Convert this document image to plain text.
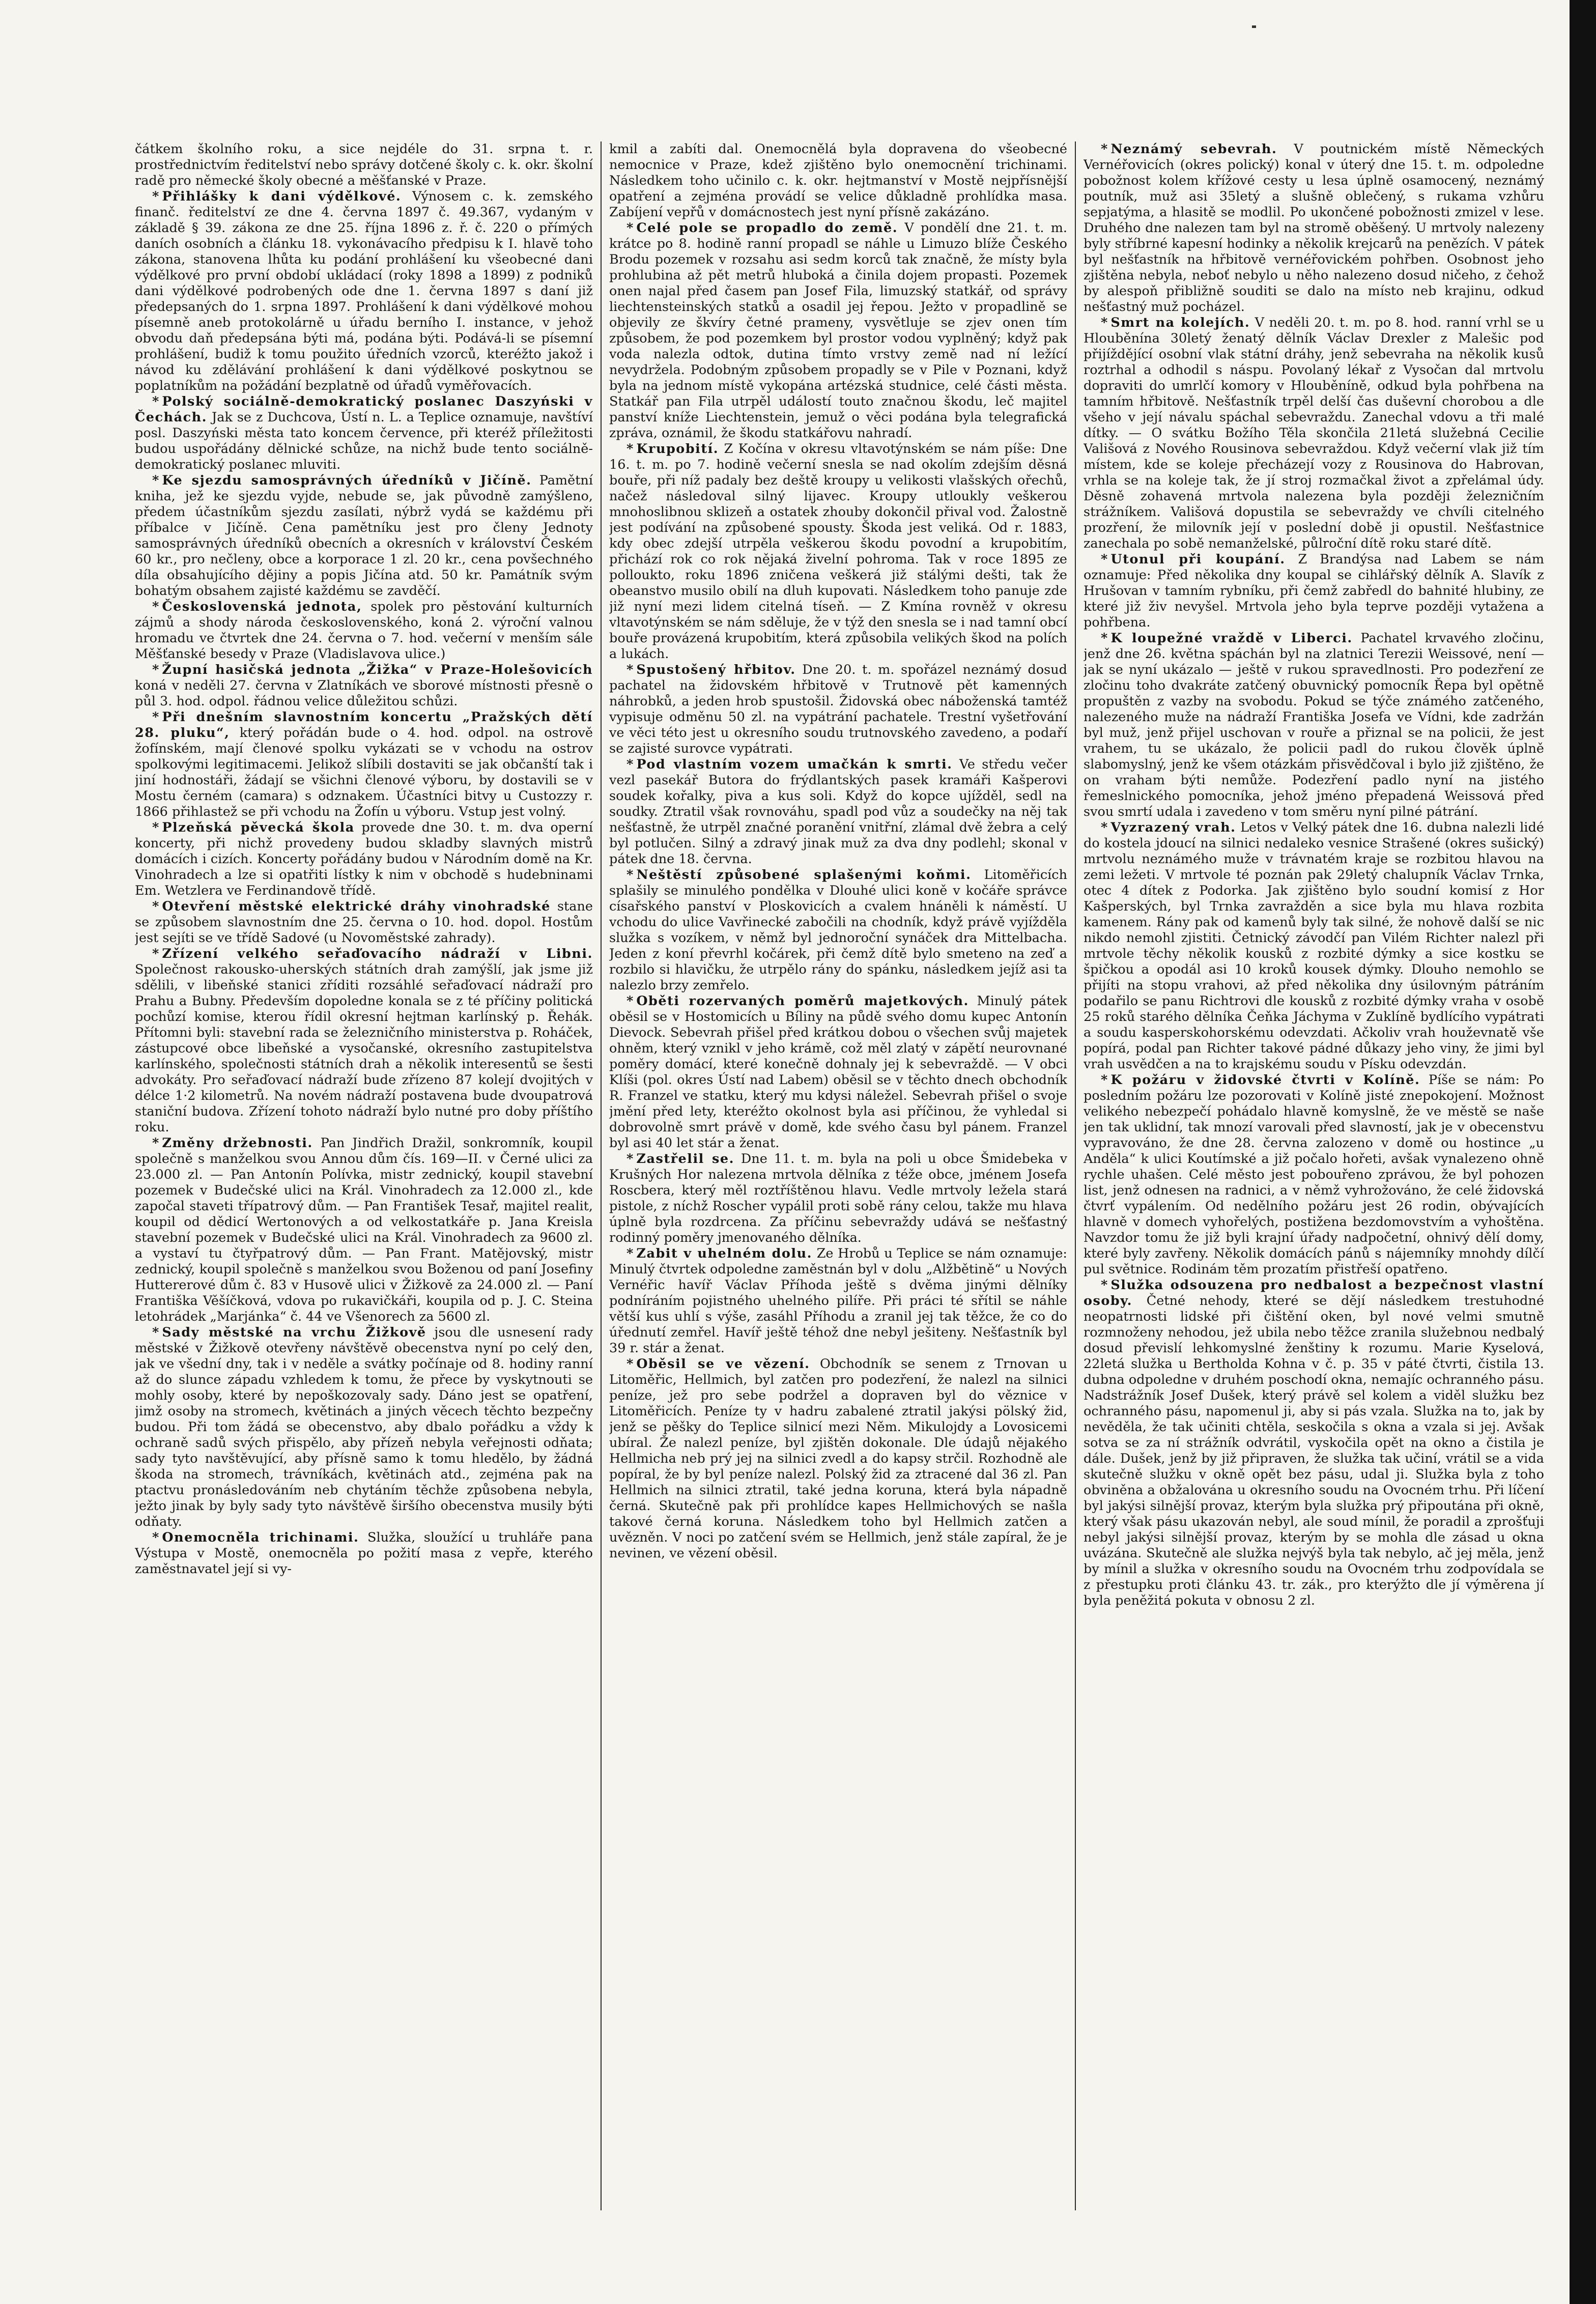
čátkem školního roku, a sice nejdéle do 31. srpna t. r. prostřednictvím ředitelství nebo správy dotčené školy c. k. okr. školní radě pro německé školy obecné a měšťanské v Praze.

* Přihlášky k dani výdělkové. Výnosem c. k. zemského finanč. ředitelství ze dne 4. června 1897 č. 49.367, vydaným v základě § 39. zákona ze dne 25. října 1896 z. ř. č. 220 o přímých daních osobních a článku 18. vykonávacího předpisu k I. hlavě toho zákona, stanovena lhůta ku podání prohlášení ku všeobecné dani výdělkové pro první období ukládací (roky 1898 a 1899) z podniků dani výdělkové podrobených ode dne 1. června 1897 s daní již předepsaných do 1. srpna 1897. Prohlášení k dani výdělkové mohou písemně aneb protokolárně u úřadu berního I. instance, v jehož obvodu daň předepsána býti má, podána býti. Podává-li se písemní prohlášení, budiž k tomu použito úředních vzorců, kteréžto jakož i návod ku zdělávání prohlášení k dani výdělkové poskytnou se poplatníkům na požádání bezplatně od úřadů vyměřovacích.

* Polský sociálně-demokratický poslanec Daszyński v Čechách. Jak se z Duchcova, Ústí n. L. a Teplice oznamuje, navštíví posl. Daszyński města tato koncem července, při kteréž příležitosti budou uspořádány dělnické schůze, na nichž bude tento sociálně-demokratický poslanec mluviti.

* Ke sjezdu samosprávných úředníků v Jičíně. Pamětní kniha, jež ke sjezdu vyjde, nebude se, jak původně zamýšleno, předem účastníkům sjezdu zasílati, nýbrž vydá se každému při příbalce v Jičíně. Cena pamětníku jest pro členy Jednoty samosprávných úředníků obecních a okresních v království Českém 60 kr., pro nečleny, obce a korporace 1 zl. 20 kr., cena povšechného díla obsahujícího dějiny a popis Jičína atd. 50 kr. Památník svým bohatým obsahem zajisté každému se zavděčí.

* Československá jednota, spolek pro pěstování kulturních zájmů a shody národa československého, koná 2. výroční valnou hromadu ve čtvrtek dne 24. června o 7. hod. večerní v menším sále Měšťanské besedy v Praze (Vladislavova ulice.)

* Župní hasičská jednota „Žižka“ v Praze-Holešovicích koná v neděli 27. června v Zlatníkách ve sborové místnosti přesně o půl 3. hod. odpol. řádnou velice důležitou schůzi.

* Při dnešním slavnostním koncertu „Pražských dětí 28. pluku“, který pořádán bude o 4. hod. odpol. na ostrově žofínském, mají členové spolku vykázati se v vchodu na ostrov spolkovými legitimacemi. Jelikož slíbili dostaviti se jak občanští tak i jiní hodnostáři, žádají se všichni členové výboru, by dostavili se v Mostu černém (camara) s odznakem. Účastníci bitvy u Custozzy r. 1866 přihlastež se při vchodu na Žofín u výboru. Vstup jest volný.

* Plzeňská pěvecká škola provede dne 30. t. m. dva operní koncerty, při nichž provedeny budou skladby slavných mistrů domácích i cizích. Koncerty pořádány budou v Národním domě na Kr. Vinohradech a lze si opatřiti lístky k nim v obchodě s hudebninami Em. Wetzlera ve Ferdinandově třídě.

* Otevření městské elektrické dráhy vinohradské stane se způsobem slavnostním dne 25. června o 10. hod. dopol. Hostům jest sejíti se ve třídě Sadové (u Novoměstské zahrady).

* Zřízení velkého seřaďovacího nádraží v Libni. Společnost rakousko-uherských státních drah zamýšlí, jak jsme již sdělili, v libeňské stanici zříditi rozsáhlé seřaďovací nádraží pro Prahu a Bubny. Především dopoledne konala se z té příčiny politická pochůzí komise, kterou řídil okresní hejtman karlínský p. Řehák. Přítomni byli: stavební rada se železničního ministerstva p. Roháček, zástupcové obce libeňské a vysočanské, okresního zastupitelstva karlínského, společnosti státních drah a několik interesentů se šesti advokáty. Pro seřaďovací nádraží bude zřízeno 87 kolejí dvojitých v délce 1·2 kilometrů. Na novém nádraží postavena bude dvoupatrová staniční budova. Zřízení tohoto nádraží bylo nutné pro doby příštího roku.

* Změny držebnosti. Pan Jindřich Dražil, sonkromník, koupil společně s manželkou svou Annou dům čís. 169—II. v Černé ulici za 23.000 zl. — Pan Antonín Polívka, mistr zednický, koupil stavební pozemek v Budečské ulici na Král. Vinohradech za 12.000 zl., kde započal staveti třípatrový dům. — Pan František Tesař, majitel realit, koupil od dědicí Wertonových a od velkostatkáře p. Jana Kreisla stavební pozemek v Budečské ulici na Král. Vinohradech za 9600 zl. a vystaví tu čtyřpatrový dům. — Pan Frant. Matějovský, mistr zednický, koupil společně s manželkou svou Boženou od paní Josefiny Huttererové dům č. 83 v Husově ulici v Žižkově za 24.000 zl. — Paní Františka Věšíčková, vdova po rukavičkáři, koupila od p. J. C. Steina letohrádek „Marjánka“ č. 44 ve Všenorech za 5600 zl.

* Sady městské na vrchu Žižkově jsou dle usnesení rady městské v Žižkově otevřeny návštěvě obecenstva nyní po celý den, jak ve všední dny, tak i v neděle a svátky počínaje od 8. hodiny ranní až do slunce západu vzhledem k tomu, že přece by vyskytnouti se mohly osoby, které by nepoškozovaly sady. Dáno jest se opatření, jimž osoby na stromech, květinách a jiných věcech těchto bezpečny budou. Při tom žádá se obecenstvo, aby dbalo pořádku a vždy k ochraně sadů svých přispělo, aby přízeň nebyla veřejnosti odňata; sady tyto navštěvující, aby přísně samo k tomu hledělo, by žádná škoda na stromech, trávníkách, květinách atd., zejména pak na ptactvu pronásledováním neb chytáním těchže způsobena nebyla, ježto jinak by byly sady tyto návštěvě širšího obecenstva musily býti odňaty.

* Onemocněla trichinami. Služka, sloužící u truhláře pana Výstupa v Mostě, onemocněla po požití masa z vepře, kterého zaměstnavatel její si vy-

kmil a zabíti dal. Onemocnělá byla dopravena do všeobecné nemocnice v Praze, kdež zjištěno bylo onemocnění trichinami. Následkem toho učinilo c. k. okr. hejtmanství v Mostě nejpřísnější opatření a zejména provádí se velice důkladně prohlídka masa. Zabíjení vepřů v domácnostech jest nyní přísně zakázáno.

* Celé pole se propadlo do země. V pondělí dne 21. t. m. krátce po 8. hodině ranní propadl se náhle u Limuzo blíže Českého Brodu pozemek v rozsahu asi sedm korců tak značně, že místy byla prohlubina až pět metrů hluboká a činila dojem propasti. Pozemek onen najal před časem pan Josef Fila, limuzský statkář, od správy liechtensteinských statků a osadil jej řepou. Ježto v propadlině se objevily ze škvíry četné prameny, vysvětluje se zjev onen tím způsobem, že pod pozemkem byl prostor vodou vyplněný; když pak voda nalezla odtok, dutina tímto vrstvy země nad ní ležící nevydržela. Podobným způsobem propadly se v Pile v Poznani, když byla na jednom místě vykopána artézská studnice, celé části města. Statkář pan Fila utrpěl událostí touto značnou škodu, leč majitel panství kníže Liechtenstein, jemuž o věci podána byla telegrafická zpráva, oznámil, že škodu statkářovu nahradí.

* Krupobití. Z Kočína v okresu vltavotýnském se nám píše: Dne 16. t. m. po 7. hodině večerní snesla se nad okolím zdejším děsná bouře, při níž padaly bez deště kroupy u velikosti vlašských ořechů, načež následoval silný lijavec. Kroupy utloukly veškerou mnohoslibnou sklizeň a ostatek zhouby dokončil přival vod. Žalostně jest podívání na způsobené spousty. Škoda jest veliká. Od r. 1883, kdy obec zdejší utrpěla veškerou škodu povodní a krupobitím, přichází rok co rok nějaká živelní pohroma. Tak v roce 1895 ze polloukto, roku 1896 zničena veškerá již stálými dešti, tak že obeanstvo musilo obilí na dluh kupovati. Následkem toho panuje zde již nyní mezi lidem citelná tíseň. — Z Kmína rovněž v okresu vltavotýnském se nám sděluje, že v týž den snesla se i nad tamní obcí bouře provázená krupobitím, která způsobila velikých škod na polích a lukách.

* Spustošený hřbitov. Dne 20. t. m. spořázel neznámý dosud pachatel na židovském hřbitově v Trutnově pět kamenných náhrobků, a jeden hrob spustošil. Židovská obec náboženská tamtéž vypisuje odměnu 50 zl. na vypátrání pachatele. Trestní vyšetřování ve věci této jest u okresního soudu trutnovského zavedeno, a podaří se zajisté surovce vypátrati.

* Pod vlastním vozem umačkán k smrti. Ve středu večer vezl pasekář Butora do frýdlantských pasek kramáři Kašperovi soudek kořalky, piva a kus soli. Když do kopce ujížděl, sedl na soudky. Ztratil však rovnováhu, spadl pod vůz a soudečky na něj tak nešťastně, že utrpěl značné poranění vnitřní, zlámal dvě žebra a celý byl potlučen. Silný a zdravý jinak muž za dva dny podlehl; skonal v pátek dne 18. června.

* Neštěstí způsobené splašenými koňmi. Litoměřicích splašily se minulého pondělka v Dlouhé ulici koně v kočáře správce císařského panství v Ploskovicích a cvalem hnáněli k náměstí. U vchodu do ulice Vavřinecké zabočili na chodník, když právě vyjížděla služka s vozíkem, v němž byl jednoroční synáček dra Mittelbacha. Jeden z koní převrhl kočárek, při čemž dítě bylo smeteno na zeď a rozbilo si hlavičku, že utrpělo rány do spánku, následkem jejíž asi ta nalezlo brzy zemřelo.

* Oběti rozervaných poměrů majetkových. Minulý pátek oběsil se v Hostomicích u Bíliny na půdě svého domu kupec Antonín Dievock. Sebevrah přišel před krátkou dobou o všechen svůj majetek ohněm, který vznikl v jeho krámě, což měl zlatý v zápětí neurovnané poměry domácí, které konečně dohnaly jej k sebevraždě. — V obci Klíši (pol. okres Ústí nad Labem) oběsil se v těchto dnech obchodník R. Franzel ve statku, který mu kdysi náležel. Sebevrah přišel o svoje jmění před lety, kteréžto okolnost byla asi příčinou, že vyhledal si dobrovolně smrt právě v domě, kde svého času byl pánem. Franzel byl asi 40 let stár a ženat.

* Zastřelil se. Dne 11. t. m. byla na poli u obce Šmidebeka v Krušných Hor nalezena mrtvola dělníka z téže obce, jménem Josefa Roscbera, který měl roztříštěnou hlavu. Vedle mrtvoly ležela stará pistole, z níchž Roscher vypálil proti sobě rány celou, takže mu hlava úplně byla rozdrcena. Za příčinu sebevraždy udává se nešťastný rodinný poměry jmenovaného dělníka.

* Zabit v uhelném dolu. Ze Hrobů u Teplice se nám oznamuje: Minulý čtvrtek odpoledne zaměstnán byl v dolu „Alžbětině“ u Nových Vernéřic havíř Václav Příhoda ještě s dvěma jinými dělníky podníráním pojistného uhelného pilíře. Při práci té sřítil se náhle větší kus uhlí s výše, zasáhl Příhodu a zranil jej tak těžce, že co do úřednutí zemřel. Havíř ještě téhož dne nebyl ješiteny. Nešťastník byl 39 r. stár a ženat.

* Oběsil se ve vězení. Obchodník se senem z Trnovan u Litoměřic, Hellmich, byl zatčen pro podezření, že nalezl na silnici peníze, jež pro sebe podržel a dopraven byl do věznice v Litoměřicích. Peníze ty v hadru zabalené ztratil jakýsi pölský žid, jenž se pěšky do Teplice silnicí mezi Něm. Mikulojdy a Lovosicemi ubíral. Že nalezl peníze, byl zjištěn dokonale. Dle údajů nějakého Hellmicha neb prý jej na silnici zvedl a do kapsy strčil. Rozhodně ale popíral, že by byl peníze nalezl. Polský žid za ztracené dal 36 zl. Pan Hellmich na silnici ztratil, také jedna koruna, která byla nápadně černá. Skutečně pak při prohlídce kapes Hellmichových se našla takové černá koruna. Následkem toho byl Hellmich zatčen a uvězněn. V noci po zatčení svém se Hellmich, jenž stále zapíral, že je nevinen, ve vězení oběsil.

* Neznámý sebevrah. V poutnickém místě Německých Vernéřovicích (okres polický) konal v úterý dne 15. t. m. odpoledne pobožnost kolem křížové cesty u lesa úplně osamocený, neznámý poutník, muž asi 35letý a slušně oblečený, s rukama vzhůru sepjatýma, a hlasitě se modlil. Po ukončené pobožnosti zmizel v lese. Druhého dne nalezen tam byl na stromě oběšený. U mrtvoly nalezeny byly stříbrné kapesní hodinky a několik krejcarů na penězích. V pátek byl nešťastník na hřbitově vernéřovickém pohřben. Osobnost jeho zjištěna nebyla, neboť nebylo u něho nalezeno dosud ničeho, z čehož by alespoň přibližně souditi se dalo na místo neb krajinu, odkud nešťastný muž pocházel.

* Smrt na kolejích. V neděli 20. t. m. po 8. hod. ranní vrhl se u Hlouběnína 30letý ženatý dělník Václav Drexler z Malešic pod přijíždějící osobní vlak státní dráhy, jenž sebevraha na několik kusů roztrhal a odhodil s náspu. Povolaný lékař z Vysočan dal mrtvolu dopraviti do umrlčí komory v Hlouběníně, odkud byla pohřbena na tamním hřbitově. Nešťastník trpěl delší čas duševní chorobou a dle všeho v její návalu spáchal sebevraždu. Zanechal vdovu a tři malé dítky. — O svátku Božího Těla skončila 21letá služebná Cecilie Vališová z Nového Rousinova sebevraždou. Když večerní vlak již tím místem, kde se koleje přecházejí vozy z Rousinova do Habrovan, vrhla se na koleje tak, že jí stroj rozmačkal život a zpřelámal údy. Děsně zohavená mrtvola nalezena byla později železničním strážníkem. Vališová dopustila se sebevraždy ve chvíli citelného prozření, že milovník její v poslední době ji opustil. Nešťastnice zanechala po sobě nemanželské, půlroční dítě roku staré dítě.

* Utonul při koupání. Z Brandýsa nad Labem se nám oznamuje: Před několika dny koupal se cihlářský dělník A. Slavík z Hrušovan v tamním rybníku, při čemž zabředl do bahnité hlubiny, ze které již živ nevyšel. Mrtvola jeho byla teprve později vytažena a pohřbena.

* K loupežné vraždě v Liberci. Pachatel krvavého zločinu, jenž dne 26. května spáchán byl na zlatnici Terezii Weissové, není — jak se nyní ukázalo — ještě v rukou spravedlnosti. Pro podezření ze zločinu toho dvakráte zatčený obuvnický pomocník Řepa byl opětně propuštěn z vazby na svobodu. Pokud se týče známého zatčeného, nalezeného muže na nádraží Františka Josefa ve Vídni, kde zadržán byl muž, jenž přijel uschovan v rouře a přiznal se na policii, že jest vrahem, tu se ukázalo, že policii padl do rukou člověk úplně slabomyslný, jenž ke všem otázkám přisvědčoval i bylo již zjištěno, že on vraham býti nemůže. Podezření padlo nyní na jistého řemeslnického pomocníka, jehož jméno přepadená Weissová před svou smrtí udala i zavedeno v tom směru nyní pilné pátrání.

* Vyzrazený vrah. Letos v Velký pátek dne 16. dubna nalezli lidé do kostela jdoucí na silnici nedaleko vesnice Strašené (okres sušický) mrtvolu neznámého muže v trávnatém kraje se rozbitou hlavou na zemi ležeti. V mrtvole té poznán pak 29letý chalupník Václav Trnka, otec 4 dítek z Podorka. Jak zjištěno bylo soudní komisí z Hor Kašperských, byl Trnka zavražděn a sice byla mu hlava rozbita kamenem. Rány pak od kamenů byly tak silné, že nohově další se nic nikdo nemohl zjistiti. Četnický závodčí pan Vilém Richter nalezl při mrtvole těchy několik kousků z rozbité dýmky a sice kostku se špičkou a opodál asi 10 kroků kousek dýmky. Dlouho nemohlo se přijíti na stopu vrahovi, až před několika dny úsilovným pátráním podařilo se panu Richtrovi dle kousků z rozbité dýmky vraha v osobě 25 roků starého dělníka Čeňka Jáchyma v Zuklíně bydlícího vypátrati a soudu kasperskohorskému odevzdati. Ačkoliv vrah houževnatě vše popírá, podal pan Richter takové pádné důkazy jeho viny, že jimi byl vrah usvědčen a na to krajskému soudu v Písku odevzdán.

* K požáru v židovské čtvrti v Kolíně. Píše se nám: Po posledním požáru lze pozorovati v Kolíně jisté znepokojení. Možnost velikého nebezpečí pohádalo hlavně komyslně, že ve městě se naše jen tak uklidní, tak mnozí varovali před slavností, jak je v obecenstvu vypravováno, že dne 28. června zalozeno v domě ou hostince „u Anděla“ k ulici Koutímské a již počalo hořeti, avšak vynalezeno ohně rychle uhašen. Celé město jest pobouřeno zprávou, že byl pohozen list, jenž odnesen na radnici, a v němž vyhrožováno, že celé židovská čtvrť vypálením. Od nedělního požáru jest 26 rodin, obývajících hlavně v domech vyhořelých, postižena bezdomovstvím a vyhoštěna. Navzdor tomu že již byli krajní úřady nadpočetní, ohnivý dělí domy, které byly zavřeny. Několik domácích pánů s nájemníky mnohdy dílčí pul světnice. Rodinám těm prozatím přistřeší opatřeno.

* Služka odsouzena pro nedbalost a bezpečnost vlastní osoby. Četné nehody, které se dějí následkem trestuhodné neopatrnosti lidské při čištění oken, byl nové velmi smutně rozmnoženy nehodou, jež ubila nebo těžce zranila služebnou nedbalý dosud převislí lehkomyslné ženštiny k rozumu. Marie Kyselová, 22letá služka u Bertholda Kohna v č. p. 35 v páté čtvrti, čistila 13. dubna odpoledne v druhém poschodí okna, nemajíc ochranného pásu. Nadstrážník Josef Dušek, který právě sel kolem a viděl služku bez ochranného pásu, napomenul ji, aby si pás vzala. Služka na to, jak by nevěděla, že tak učiniti chtěla, seskočila s okna a vzala si jej. Avšak sotva se za ní strážník odvrátil, vyskočila opět na okno a čistila je dále. Dušek, jenž by již připraven, že služka tak učiní, vrátil se a vida skutečně služku v okně opět bez pásu, udal ji. Služka byla z toho obviněna a obžalována u okresního soudu na Ovocném trhu. Při líčení byl jakýsi silnější provaz, kterým byla služka prý připoutána při okně, který však pásu ukazován nebyl, ale soud mínil, že poradil a zprošťuji nebyl jakýsi silnější provaz, kterým by se mohla dle zásad u okna uvázána. Skutečně ale služka nejvýš byla tak nebylo, ač jej měla, jenž by mínil a služka v okresního soudu na Ovocném trhu zodpovídala se z přestupku proti článku 43. tr. zák., pro kterýžto dle jí výměrena jí byla peněžitá pokuta v obnosu 2 zl.
